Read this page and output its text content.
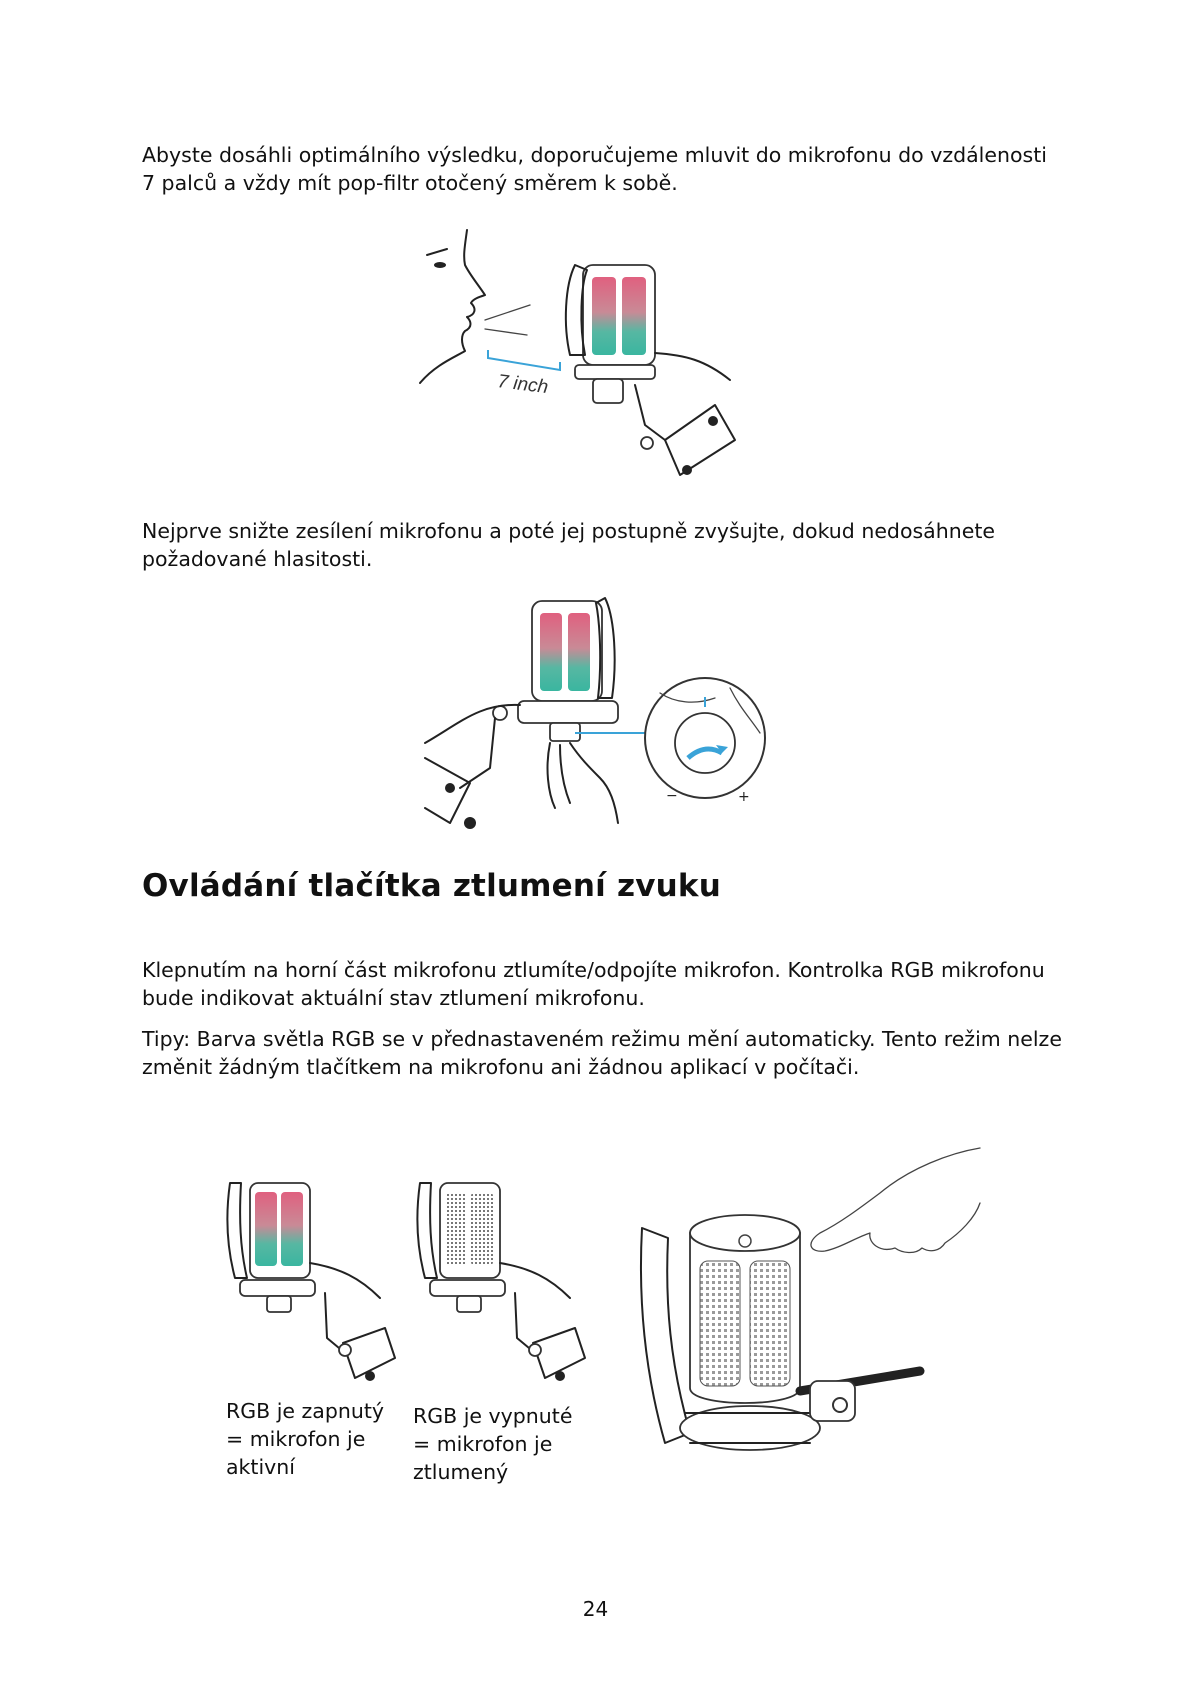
Abyste dosáhli optimálního výsledku, doporučujeme mluvit do mikrofonu do vzdálenosti 7 palců a vždy mít pop-filtr otočený směrem k sobě.

7 inch

Nejprve snižte zesílení mikrofonu a poté jej postupně zvyšujte, dokud nedosáhnete požadované hlasitosti.

−	+
Ovládání tlačítka ztlumení zvuku

Klepnutím na horní část mikrofonu ztlumíte/odpojíte mikrofon. Kontrolka RGB mikrofonu bude indikovat aktuální stav ztlumení mikrofonu.

Tipy: Barva světla RGB se v přednastaveném režimu mění automaticky. Tento režim nelze změnit žádným tlačítkem na mikrofonu ani žádnou aplikací v počítači.

RGB je zapnutý = mikrofon je aktivní

RGB je vypnuté = mikrofon je ztlumený

24
